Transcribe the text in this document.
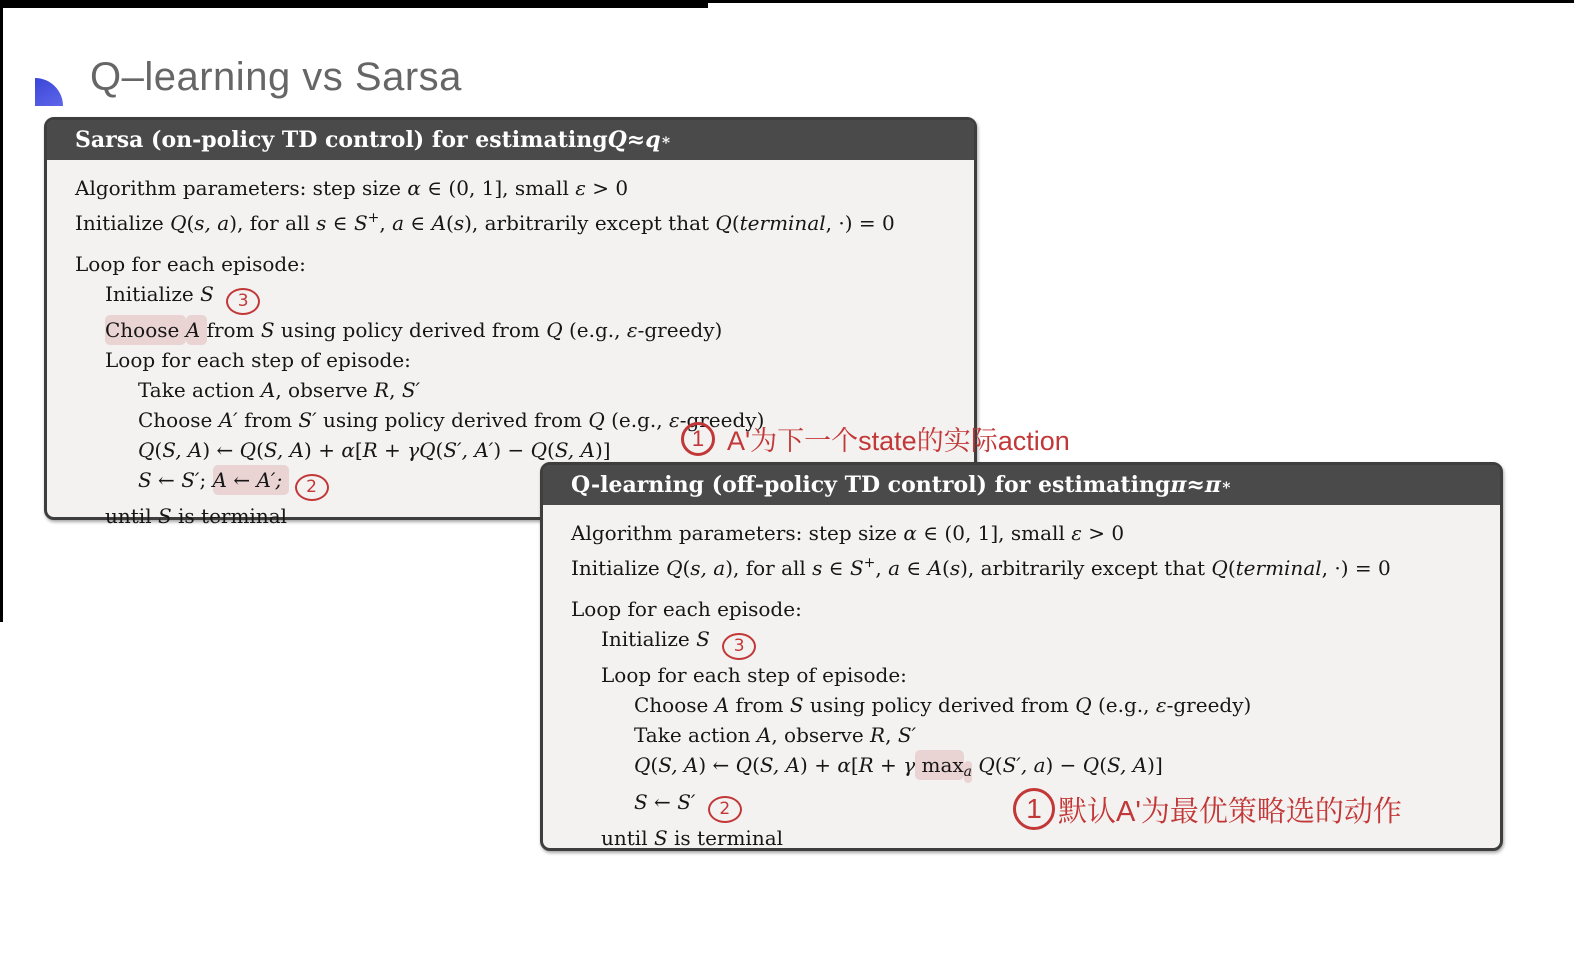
Q–learning vs Sarsa
Sarsa (on-policy TD control) for estimating Q ≈ q ∗
Algorithm parameters: step size α ∈ (0, 1], small ε > 0
Initialize Q(s, a), for all s ∈ S+, a ∈ A(s), arbitrarily except that Q(terminal, ·) = 0
Loop for each episode:
Initialize S 3
Choose A from S using policy derived from Q (e.g., ε-greedy)
Loop for each step of episode:
Take action A, observe R, S′
Choose A′ from S′ using policy derived from Q (e.g., ε-greedy)
Q(S, A) ← Q(S, A) + α[R + γQ(S′, A′) − Q(S, A)]
S ← S′; A ← A′; 2
until S is terminal
Q-learning (off-policy TD control) for estimating π ≈ π ∗
Algorithm parameters: step size α ∈ (0, 1], small ε > 0
Initialize Q(s, a), for all s ∈ S+, a ∈ A(s), arbitrarily except that Q(terminal, ·) = 0
Loop for each episode:
Initialize S 3
Loop for each step of episode:
Choose A from S using policy derived from Q (e.g., ε-greedy)
Take action A, observe R, S′
Q(S, A) ← Q(S, A) + α[R + γ $\max_a Q(S'$, a) − Q(S, A)]
S ← S′ 2
until S is terminal
1 A'为下一个state的实际action
1 默认A'为最优策略选的动作
